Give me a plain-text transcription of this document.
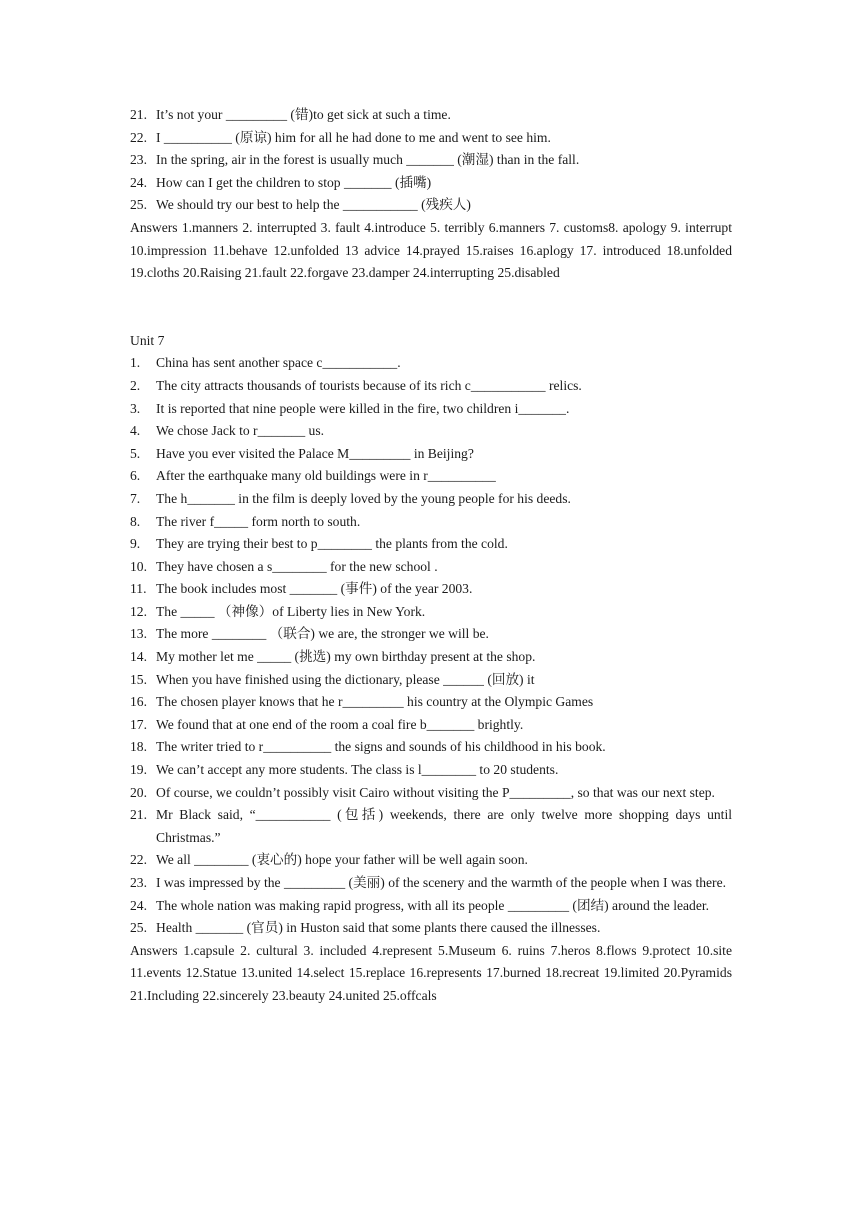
21. It’s not your _________ (错)to get sick at such a time.
22. I __________ (原谅) him for all he had done to me and went to see him.
23. In the spring, air in the forest is usually much _______ (潮湿) than in the fall.
24. How can I get the children to stop _______ (插嘴)
25. We should try our best to help the ___________ (残疾人)

Answers 1.manners 2. interrupted 3. fault 4.introduce 5. terribly 6.manners 7. customs8. apology 9. interrupt 10.impression 11.behave 12.unfolded 13 advice 14.prayed 15.raises 16.aplogy 17. introduced 18.unfolded 19.cloths 20.Raising 21.fault 22.forgave 23.damper 24.interrupting 25.disabled

Unit 7

1.	China has sent another space c___________.
2.	The city attracts thousands of tourists because of its rich c___________ relics.
3.	It is reported that nine people were killed in the fire, two children i_______.
4.	We chose Jack to r_______ us.
5.	Have you ever visited the Palace M_________ in Beijing?
6.	After the earthquake many old buildings were in r__________
7.	The h_______ in the film is deeply loved by the young people for his deeds.
8.	The river f_____ form north to south.
9.	They are trying their best to p________ the plants from the cold.
10. They have chosen a s________ for the new school .
11. The book includes most _______ (事件) of the year 2003.
12. The _____ （神像）of Liberty lies in New York.
13. The more ________ （联合) we are, the stronger we will be.
14. My mother let me _____ (挑选) my own birthday present at the shop.
15. When you have finished using the dictionary, please ______ (回放) it
16. The chosen player knows that he r_________ his country at the Olympic Games
17. We found that at one end of the room a coal fire b_______ brightly.
18. The writer tried to r__________ the signs and sounds of his childhood in his book.
19. We can’t accept any more students. The class is l________ to 20 students.
20. Of course, we couldn’t possibly visit Cairo without visiting the P_________, so that was our next step.
21. Mr Black said, “___________ (包括) weekends, there are only twelve more shopping days until Christmas.”
22. We all ________ (衷心的) hope your father will be well again soon.
23. I was impressed by the _________ (美丽) of the scenery and the warmth of the people when I was there.
24. The whole nation was making rapid progress, with all its people _________ (团结) around the leader.
25. Health _______ (官员) in Huston said that some plants there caused the illnesses.

Answers 1.capsule 2. cultural 3. included 4.represent 5.Museum 6. ruins 7.heros 8.flows 9.protect 10.site 11.events 12.Statue 13.united 14.select 15.replace 16.represents 17.burned 18.recreat 19.limited 20.Pyramids 21.Including 22.sincerely 23.beauty 24.united 25.offcals
